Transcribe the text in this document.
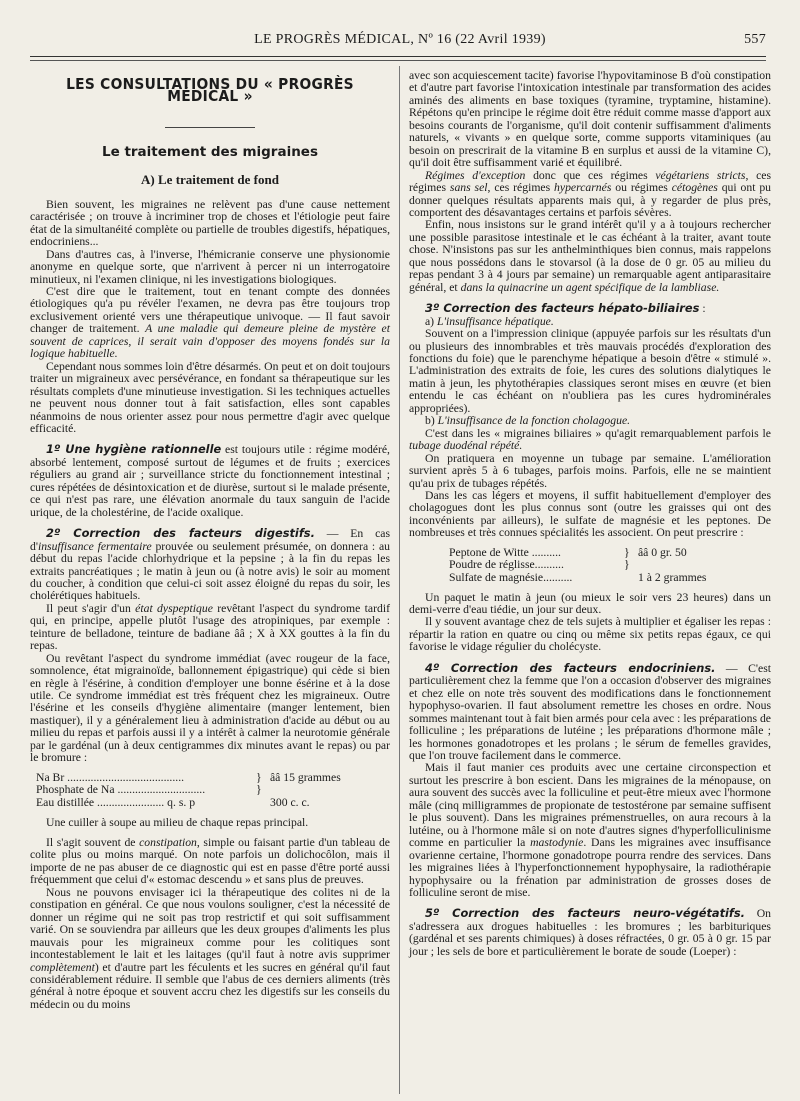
LE PROGRÈS MÉDICAL, Nº 16 (22 Avril 1939)	557
LES CONSULTATIONS DU « PROGRÈS MÉDICAL »
Le traitement des migraines
A) Le traitement de fond

Bien souvent, les migraines ne relèvent pas d'une cause nettement caractérisée ; on trouve à incriminer trop de choses et l'étiologie peut faire état de la simultanéité complète ou partielle de troubles digestifs, hépatiques, endocriniens...

Dans d'autres cas, à l'inverse, l'hémicranie conserve une physionomie anonyme en quelque sorte, que n'arrivent à percer ni un interrogatoire minutieux, ni l'examen clinique, ni les investigations biologiques.

C'est dire que le traitement, tout en tenant compte des données étiologiques qu'a pu révéler l'examen, ne devra pas être toujours trop exclusivement orienté vers une thérapeutique univoque. — Il faut savoir changer de traitement. A une maladie qui demeure pleine de mystère et souvent de caprices, il serait vain d'opposer des moyens fondés sur la logique habituelle.

Cependant nous sommes loin d'être désarmés. On peut et on doit toujours traiter un migraineux avec persévérance, en fondant sa thérapeutique sur les résultats complets d'une minutieuse investigation. Si les techniques actuelles ne peuvent nous donner tout à fait satisfaction, elles sont capables néanmoins de nous orienter assez pour nous permettre d'agir avec quelque efficacité.

1º Une hygiène rationnelle est toujours utile : régime modéré, absorbé lentement, composé surtout de légumes et de fruits ; exercices réguliers au grand air ; surveillance stricte du fonctionnement intestinal ; cures répétées de désintoxication et de diurèse, surtout si le malade présente, ce qui n'est pas rare, une élévation anormale du taux sanguin de l'acide urique, de la cholestérine, de l'acide oxalique.

2º Correction des facteurs digestifs. — En cas d'insuffisance fermentaire prouvée ou seulement présumée, on donnera : au début du repas l'acide chlorhydrique et la pepsine ; à la fin du repas les extraits pancréatiques ; le matin à jeun ou (à notre avis) le soir au moment du coucher, à condition que celui-ci soit assez éloigné du repas du soir, les cholérétiques habituels.

Il peut s'agir d'un état dyspeptique revêtant l'aspect du syndrome tardif qui, en principe, appelle plutôt l'usage des atropiniques, par exemple : teinture de belladone, teinture de badiane ââ ; X à XX gouttes à la fin du repas.

Ou revêtant l'aspect du syndrome immédiat (avec rougeur de la face, somnolence, état migrainoïde, ballonnement épigastrique) qui cède si bien en règle à l'ésérine, à condition d'employer une bonne ésérine et à la dose utile. Ce syndrome immédiat est très fréquent chez les migraineux. Outre l'ésérine et les conseils d'hygiène alimentaire (manger lentement, bien mastiquer), il y a généralement lieu à administration d'acide au début ou au milieu du repas et parfois aussi il y a intérêt à calmer la neurotomie générale par le gardénal (un à deux centigrammes dix minutes avant le repas) ou par le bromure :

Na Br ........................................	} ââ 15 grammes
Phosphate de Na ..............................	}
Eau distillée ....................... q. s. p	300 c. c.

Une cuiller à soupe au milieu de chaque repas principal.

Il s'agit souvent de constipation, simple ou faisant partie d'un tableau de colite plus ou moins marqué. On note parfois un dolichocôlon, mais il importe de ne pas abuser de ce diagnostic qui est en passe d'être porté aussi fréquemment que celui d'« estomac descendu » et sans plus de preuves.

Nous ne pouvons envisager ici la thérapeutique des colites ni de la constipation en général. Ce que nous voulons souligner, c'est la nécessité de donner un régime qui ne soit pas trop restrictif et qui soit suffisamment varié. On se souviendra par ailleurs que les deux groupes d'aliments les plus mauvais pour les migraineux comme pour les colitiques sont incontestablement le lait et les laitages (qu'il faut à notre avis supprimer complètement) et d'autre part les féculents et les sucres en général qu'il faut considérablement réduire. Il semble que l'abus de ces derniers aliments (très général à notre époque et souvent accru chez les digestifs sur les conseils du médecin ou du moins

avec son acquiescement tacite) favorise l'hypovitaminose B d'où constipation et d'autre part favorise l'intoxication intestinale par transformation des acides aminés des aliments en base toxiques (tyramine, tryptamine, histamine). Répétons qu'en principe le régime doit être réduit comme masse d'apport aux besoins courants de l'organisme, qu'il doit contenir suffisamment d'aliments naturels, « vivants » en quelque sorte, comme supports vitaminiques (au besoin on prescrirait de la vitamine B en surplus et aussi de la vitamine C), qu'il doit être suffisamment varié et équilibré.

Régimes d'exception donc que ces régimes végétariens stricts, ces régimes sans sel, ces régimes hypercarnés ou régimes cétogènes qui ont pu donner quelques résultats apparents mais qui, à y regarder de plus près, comportent des désavantages certains et parfois sévères.

Enfin, nous insistons sur le grand intérêt qu'il y a à toujours rechercher une possible parasitose intestinale et le cas échéant à la traiter, avant toute chose. N'insistons pas sur les anthelminthiques bien connus, mais rappelons que nous possédons dans le stovarsol (à la dose de 0 gr. 05 au milieu du repas pendant 3 à 4 jours par semaine) un remarquable agent antiparasitaire général, et dans la quinacrine un agent spécifique de la lambliase.

3º Correction des facteurs hépato-biliaires :

a) L'insuffisance hépatique.

Souvent on a l'impression clinique (appuyée parfois sur les résultats d'un ou plusieurs des innombrables et très mauvais procédés d'exploration des fonctions du foie) que le parenchyme hépatique a besoin d'être « stimulé ». L'administration des extraits de foie, les cures des solutions dialytiques le matin à jeun, les phytothérapies classiques seront mises en œuvre (et bien entendu le cas échéant on n'oubliera pas les cures hydrominérales appropriées).

b) L'insuffisance de la fonction cholagogue.

C'est dans les « migraines biliaires » qu'agit remarquablement parfois le tubage duodénal répété.

On pratiquera en moyenne un tubage par semaine. L'amélioration survient après 5 à 6 tubages, parfois moins. Parfois, elle ne se maintient qu'au prix de tubages répétés.

Dans les cas légers et moyens, il suffit habituellement d'employer des cholagogues dont les plus connus sont (outre les graisses qui ont des inconvénients par ailleurs), le sulfate de magnésie et les peptones. De nombreuses et très connues spécialités les associent. On peut prescrire :

Peptone de Witte ..........	} ââ 0 gr. 50
Poudre de réglisse..........	}
Sulfate de magnésie..........	1 à 2 grammes

Un paquet le matin à jeun (ou mieux le soir vers 23 heures) dans un demi-verre d'eau tiédie, un jour sur deux.

Il y souvent avantage chez de tels sujets à multiplier et égaliser les repas : répartir la ration en quatre ou cinq ou même six petits repas égaux, ce qui favorise le vidage régulier du cholécyste.

4º Correction des facteurs endocriniens. — C'est particulièrement chez la femme que l'on a occasion d'observer des migraines et chez elle on note très souvent des modifications dans le fonctionnement hypophyso-ovarien. Il faut absolument remettre les choses en ordre. Nous sommes maintenant tout à fait bien armés pour cela avec : les préparations de folliculine ; les préparations de lutéine ; les préparations d'hormone mâle ; les hormones gonadotropes et les prolans ; le sérum de femelles gravides, que l'on trouve facilement dans le commerce.

Mais il faut manier ces produits avec une certaine circonspection et surtout les prescrire à bon escient. Dans les migraines de la ménopause, on aura souvent des succès avec la folliculine et peut-être mieux avec l'hormone mâle (cinq milligrammes de propionate de testostérone par semaine suffisent le plus souvent). Dans les migraines prémenstruelles, on aura recours à la lutéine, ou à l'hormone mâle si on note d'autres signes d'hyperfolliculinisme comme en particulier la mastodynie. Dans les migraines avec insuffisance ovarienne certaine, l'hormone gonadotrope pourra rendre des services. Dans les migraines liées à l'hyperfonctionnement hypophysaire, la radiothérapie hypophysaire ou la frénation par administration de grosses doses de folliculine seront de mise.

5º Correction des facteurs neuro-végétatifs. On s'adressera aux drogues habituelles : les bromures ; les barbituriques (gardénal et ses parents chimiques) à doses réfractées, 0 gr. 05 à 0 gr. 15 par jour ; les sels de bore et particulièrement le borate de soude (Loeper) :
